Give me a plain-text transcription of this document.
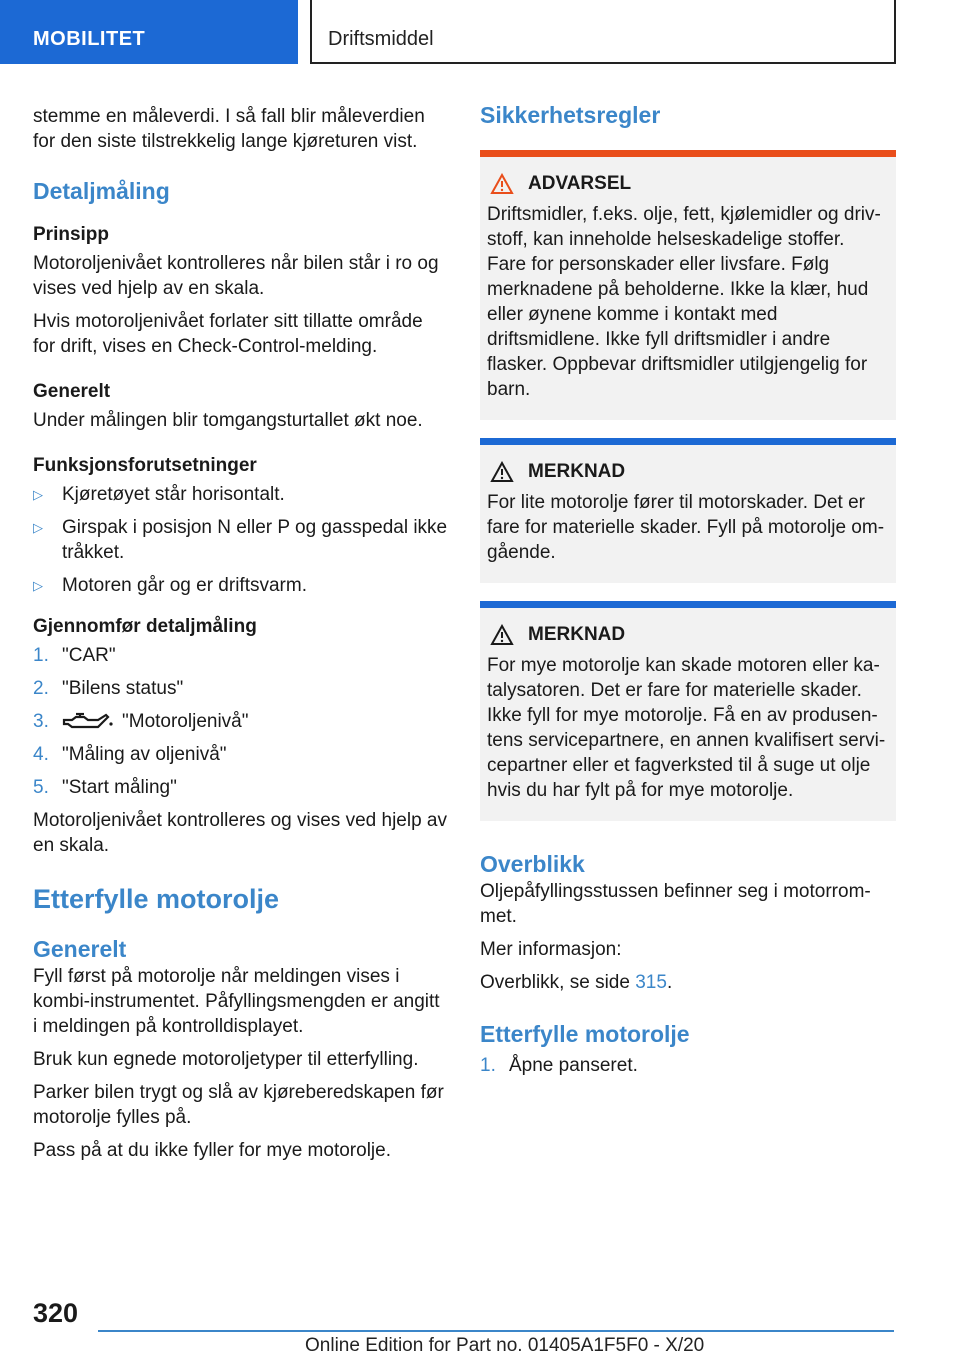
MOBILITET	Driftsmiddel

stemme en måleverdi. I så fall blir måleverdien for den siste tilstrekkelig lange kjøreturen vist.

Detaljmåling
Prinsipp

Motoroljenivået kontrolleres når bilen står i ro og vises ved hjelp av en skala.

Hvis motoroljenivået forlater sitt tillatte område for drift, vises en Check-Control-melding.

Generelt

Under målingen blir tomgangsturtallet økt noe.

Funksjonsforutsetninger
▷ Kjøretøyet står horisontalt.
▷ Girspak i posisjon N eller P og gasspedal ikke tråkket.
▷ Motoren går og er driftsvarm.
Gjennomfør detaljmåling
1. "CAR"
2. "Bilens status"
3.	"Motoroljenivå"
4. "Måling av oljenivå"
5. "Start måling"

Motoroljenivået kontrolleres og vises ved hjelp av en skala.

Etterfylle motorolje
Generelt

Fyll først på motorolje når meldingen vises i kombi-instrumentet. Påfyllingsmengden er angitt i meldingen på kontrolldisplayet.

Bruk kun egnede motoroljetyper til etterfylling.

Parker bilen trygt og slå av kjøreberedskapen før motorolje fylles på.

Pass på at du ikke fyller for mye motorolje.

Sikkerhetsregler
ADVARSEL

Driftsmidler, f.eks. olje, fett, kjølemidler og drivstoff, kan inneholde helseskadelige stoffer. Fare for personskader eller livsfare. Følg merknadene på beholderne. Ikke la klær, hud eller øynene komme i kontakt med driftsmidlene. Ikke fyll driftsmidler i andre flasker. Oppbevar driftsmidler utilgjengelig for barn.

MERKNAD

For lite motorolje fører til motorskader. Det er fare for materielle skader. Fyll på motorolje omgående.

MERKNAD

For mye motorolje kan skade motoren eller katalysatoren. Det er fare for materielle skader. Ikke fyll for mye motorolje. Få en av produsentens servicepartnere, en annen kvalifisert servicepartner eller et fagverksted til å suge ut olje hvis du har fylt på for mye motorolje.

Overblikk

Oljepåfyllingsstussen befinner seg i motorrommet.

Mer informasjon:

Overblikk, se side 315.

Etterfylle motorolje
1. Åpne panseret.
320
Online Edition for Part no. 01405A1F5F0 - X/20
